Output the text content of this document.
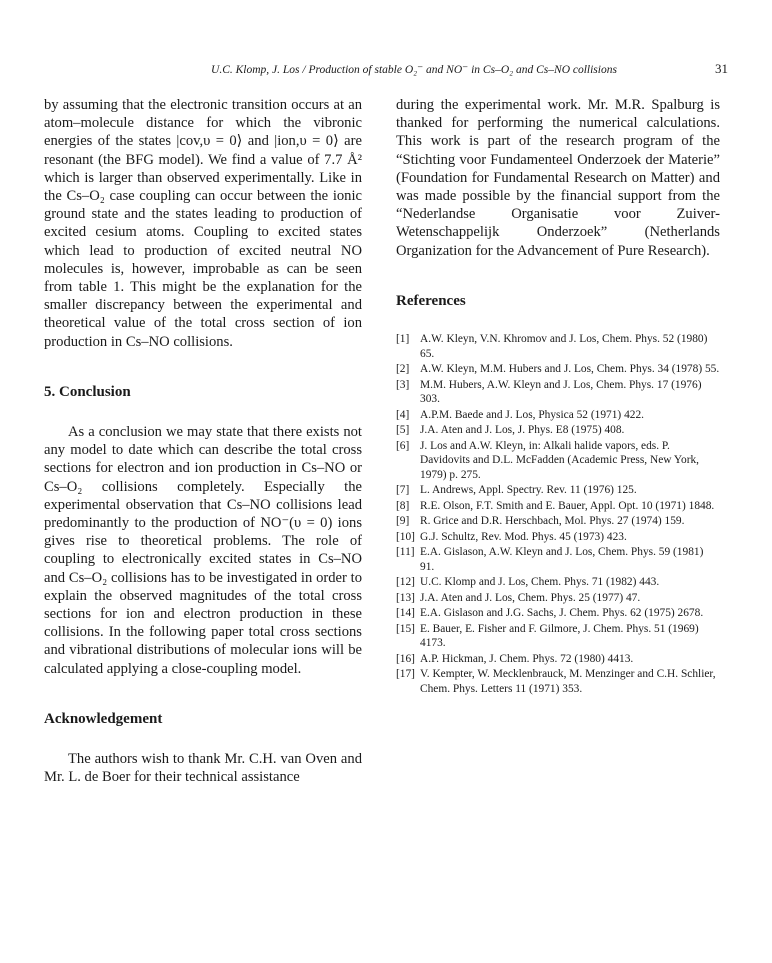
U.C. Klomp, J. Los / Production of stable O₂⁻ and NO⁻ in Cs–O₂ and Cs–NO collisions	31

by assuming that the electronic transition occurs at an atom–molecule distance for which the vibronic energies of the states |cov,υ = 0⟩ and |ion,υ = 0⟩ are resonant (the BFG model). We find a value of 7.7 Å² which is larger than observed experimentally. Like in the Cs–O₂ case coupling can occur between the ionic ground state and the states leading to production of excited cesium atoms. Coupling to excited states which lead to production of excited neutral NO molecules is, however, improbable as can be seen from table 1. This might be the explanation for the smaller discrepancy between the experimental and theoretical value of the total cross section of ion production in Cs–NO collisions.

5. Conclusion

As a conclusion we may state that there exists not any model to date which can describe the total cross sections for electron and ion production in Cs–NO or Cs–O₂ collisions completely. Especially the experimental observation that Cs–NO collisions lead predominantly to the production of NO⁻(υ = 0) ions gives rise to theoretical problems. The role of coupling to electronically excited states in Cs–NO and Cs–O₂ collisions has to be investigated in order to explain the observed magnitudes of the total cross sections for ion and electron production in these collisions. In the following paper total cross sections and vibrational distributions of molecular ions will be calculated applying a close-coupling model.

Acknowledgement

The authors wish to thank Mr. C.H. van Oven and Mr. L. de Boer for their technical assistance

during the experimental work. Mr. M.R. Spalburg is thanked for performing the numerical calculations. This work is part of the research program of the “Stichting voor Fundamenteel Onderzoek der Materie” (Foundation for Fundamental Research on Matter) and was made possible by the financial support from the “Nederlandse Organisatie voor Zuiver-Wetenschappelijk Onderzoek” (Netherlands Organization for the Advancement of Pure Research).

References
[1] A.W. Kleyn, V.N. Khromov and J. Los, Chem. Phys. 52 (1980) 65.
[2] A.W. Kleyn, M.M. Hubers and J. Los, Chem. Phys. 34 (1978) 55.
[3] M.M. Hubers, A.W. Kleyn and J. Los, Chem. Phys. 17 (1976) 303.
[4] A.P.M. Baede and J. Los, Physica 52 (1971) 422.
[5] J.A. Aten and J. Los, J. Phys. E8 (1975) 408.
[6] J. Los and A.W. Kleyn, in: Alkali halide vapors, eds. P. Davidovits and D.L. McFadden (Academic Press, New York, 1979) p. 275.
[7] L. Andrews, Appl. Spectry. Rev. 11 (1976) 125.
[8] R.E. Olson, F.T. Smith and E. Bauer, Appl. Opt. 10 (1971) 1848.
[9] R. Grice and D.R. Herschbach, Mol. Phys. 27 (1974) 159.
[10] G.J. Schultz, Rev. Mod. Phys. 45 (1973) 423.
[11] E.A. Gislason, A.W. Kleyn and J. Los, Chem. Phys. 59 (1981) 91.
[12] U.C. Klomp and J. Los, Chem. Phys. 71 (1982) 443.
[13] J.A. Aten and J. Los, Chem. Phys. 25 (1977) 47.
[14] E.A. Gislason and J.G. Sachs, J. Chem. Phys. 62 (1975) 2678.
[15] E. Bauer, E. Fisher and F. Gilmore, J. Chem. Phys. 51 (1969) 4173.
[16] A.P. Hickman, J. Chem. Phys. 72 (1980) 4413.
[17] V. Kempter, W. Mecklenbrauck, M. Menzinger and C.H. Schlier, Chem. Phys. Letters 11 (1971) 353.
